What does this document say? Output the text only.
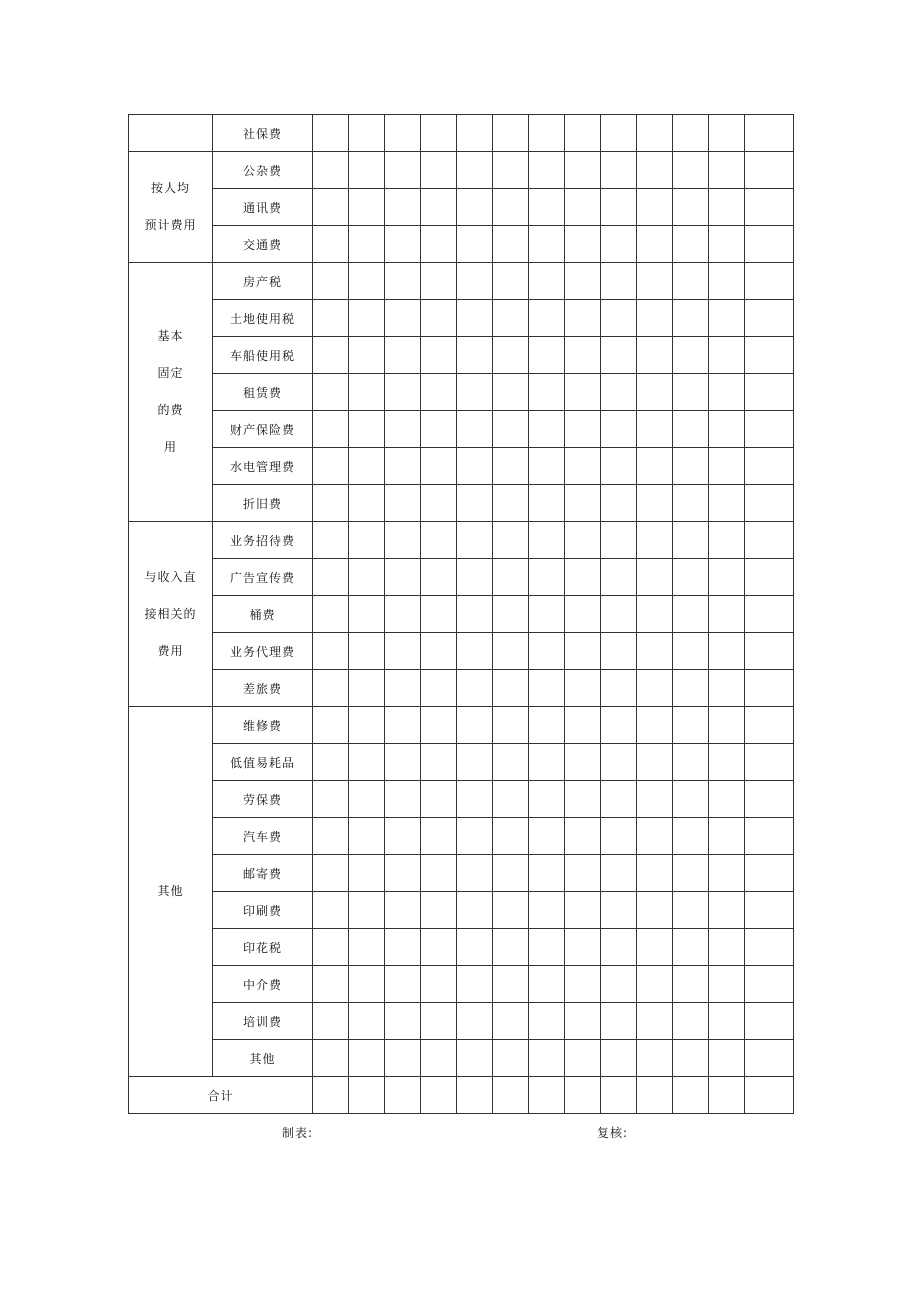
	社保费													

按人均
预计费用	公杂费													
	通讯费													
	交通费													

基本
固定
的费
用	房产税													
	土地使用税													
	车船使用税													
	租赁费													
	财产保险费													
	水电管理费													
	折旧费													

与收入直
接相关的
费用	业务招待费													
	广告宣传费													
	桶费													
	业务代理费													
	差旅费													

其他	维修费													
	低值易耗品													
	劳保费													
	汽车费													
	邮寄费													
	印刷费													
	印花税													
	中介费													
	培训费													
	其他													
合计														
制表:	复核:
